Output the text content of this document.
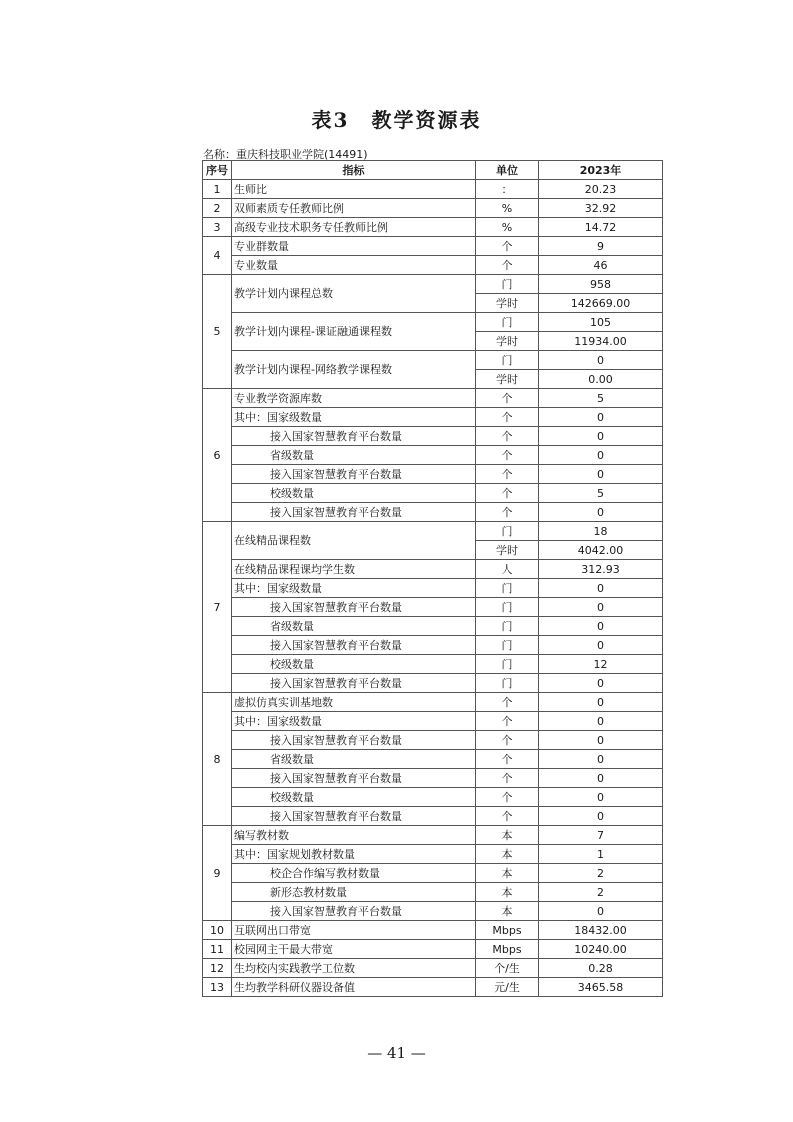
表3　教学资源表
名称：重庆科技职业学院(14491)
序号	指标	单位	2023年
1	生师比	：	20.23
2	双师素质专任教师比例	%	32.92
3	高级专业技术职务专任教师比例	%	14.72
4	专业群数量	个	9
	专业数量	个	46
5	教学计划内课程总数	门	958
		学时	142669.00
	教学计划内课程-课证融通课程数	门	105
		学时	11934.00
	教学计划内课程-网络教学课程数	门	0
		学时	0.00
6	专业教学资源库数	个	5
	其中：国家级数量	个	0
	接入国家智慧教育平台数量	个	0
	省级数量	个	0
	接入国家智慧教育平台数量	个	0
	校级数量	个	5
	接入国家智慧教育平台数量	个	0
7	在线精品课程数	门	18
		学时	4042.00
	在线精品课程课均学生数	人	312.93
	其中：国家级数量	门	0
	接入国家智慧教育平台数量	门	0
	省级数量	门	0
	接入国家智慧教育平台数量	门	0
	校级数量	门	12
	接入国家智慧教育平台数量	门	0
8	虚拟仿真实训基地数	个	0
	其中：国家级数量	个	0
	接入国家智慧教育平台数量	个	0
	省级数量	个	0
	接入国家智慧教育平台数量	个	0
	校级数量	个	0
	接入国家智慧教育平台数量	个	0
9	编写教材数	本	7
	其中：国家规划教材数量	本	1
	校企合作编写教材数量	本	2
	新形态教材数量	本	2
	接入国家智慧教育平台数量	本	0
10	互联网出口带宽	Mbps	18432.00
11	校园网主干最大带宽	Mbps	10240.00
12	生均校内实践教学工位数	个/生	0.28
13	生均教学科研仪器设备值	元/生	3465.58
— 41 —
